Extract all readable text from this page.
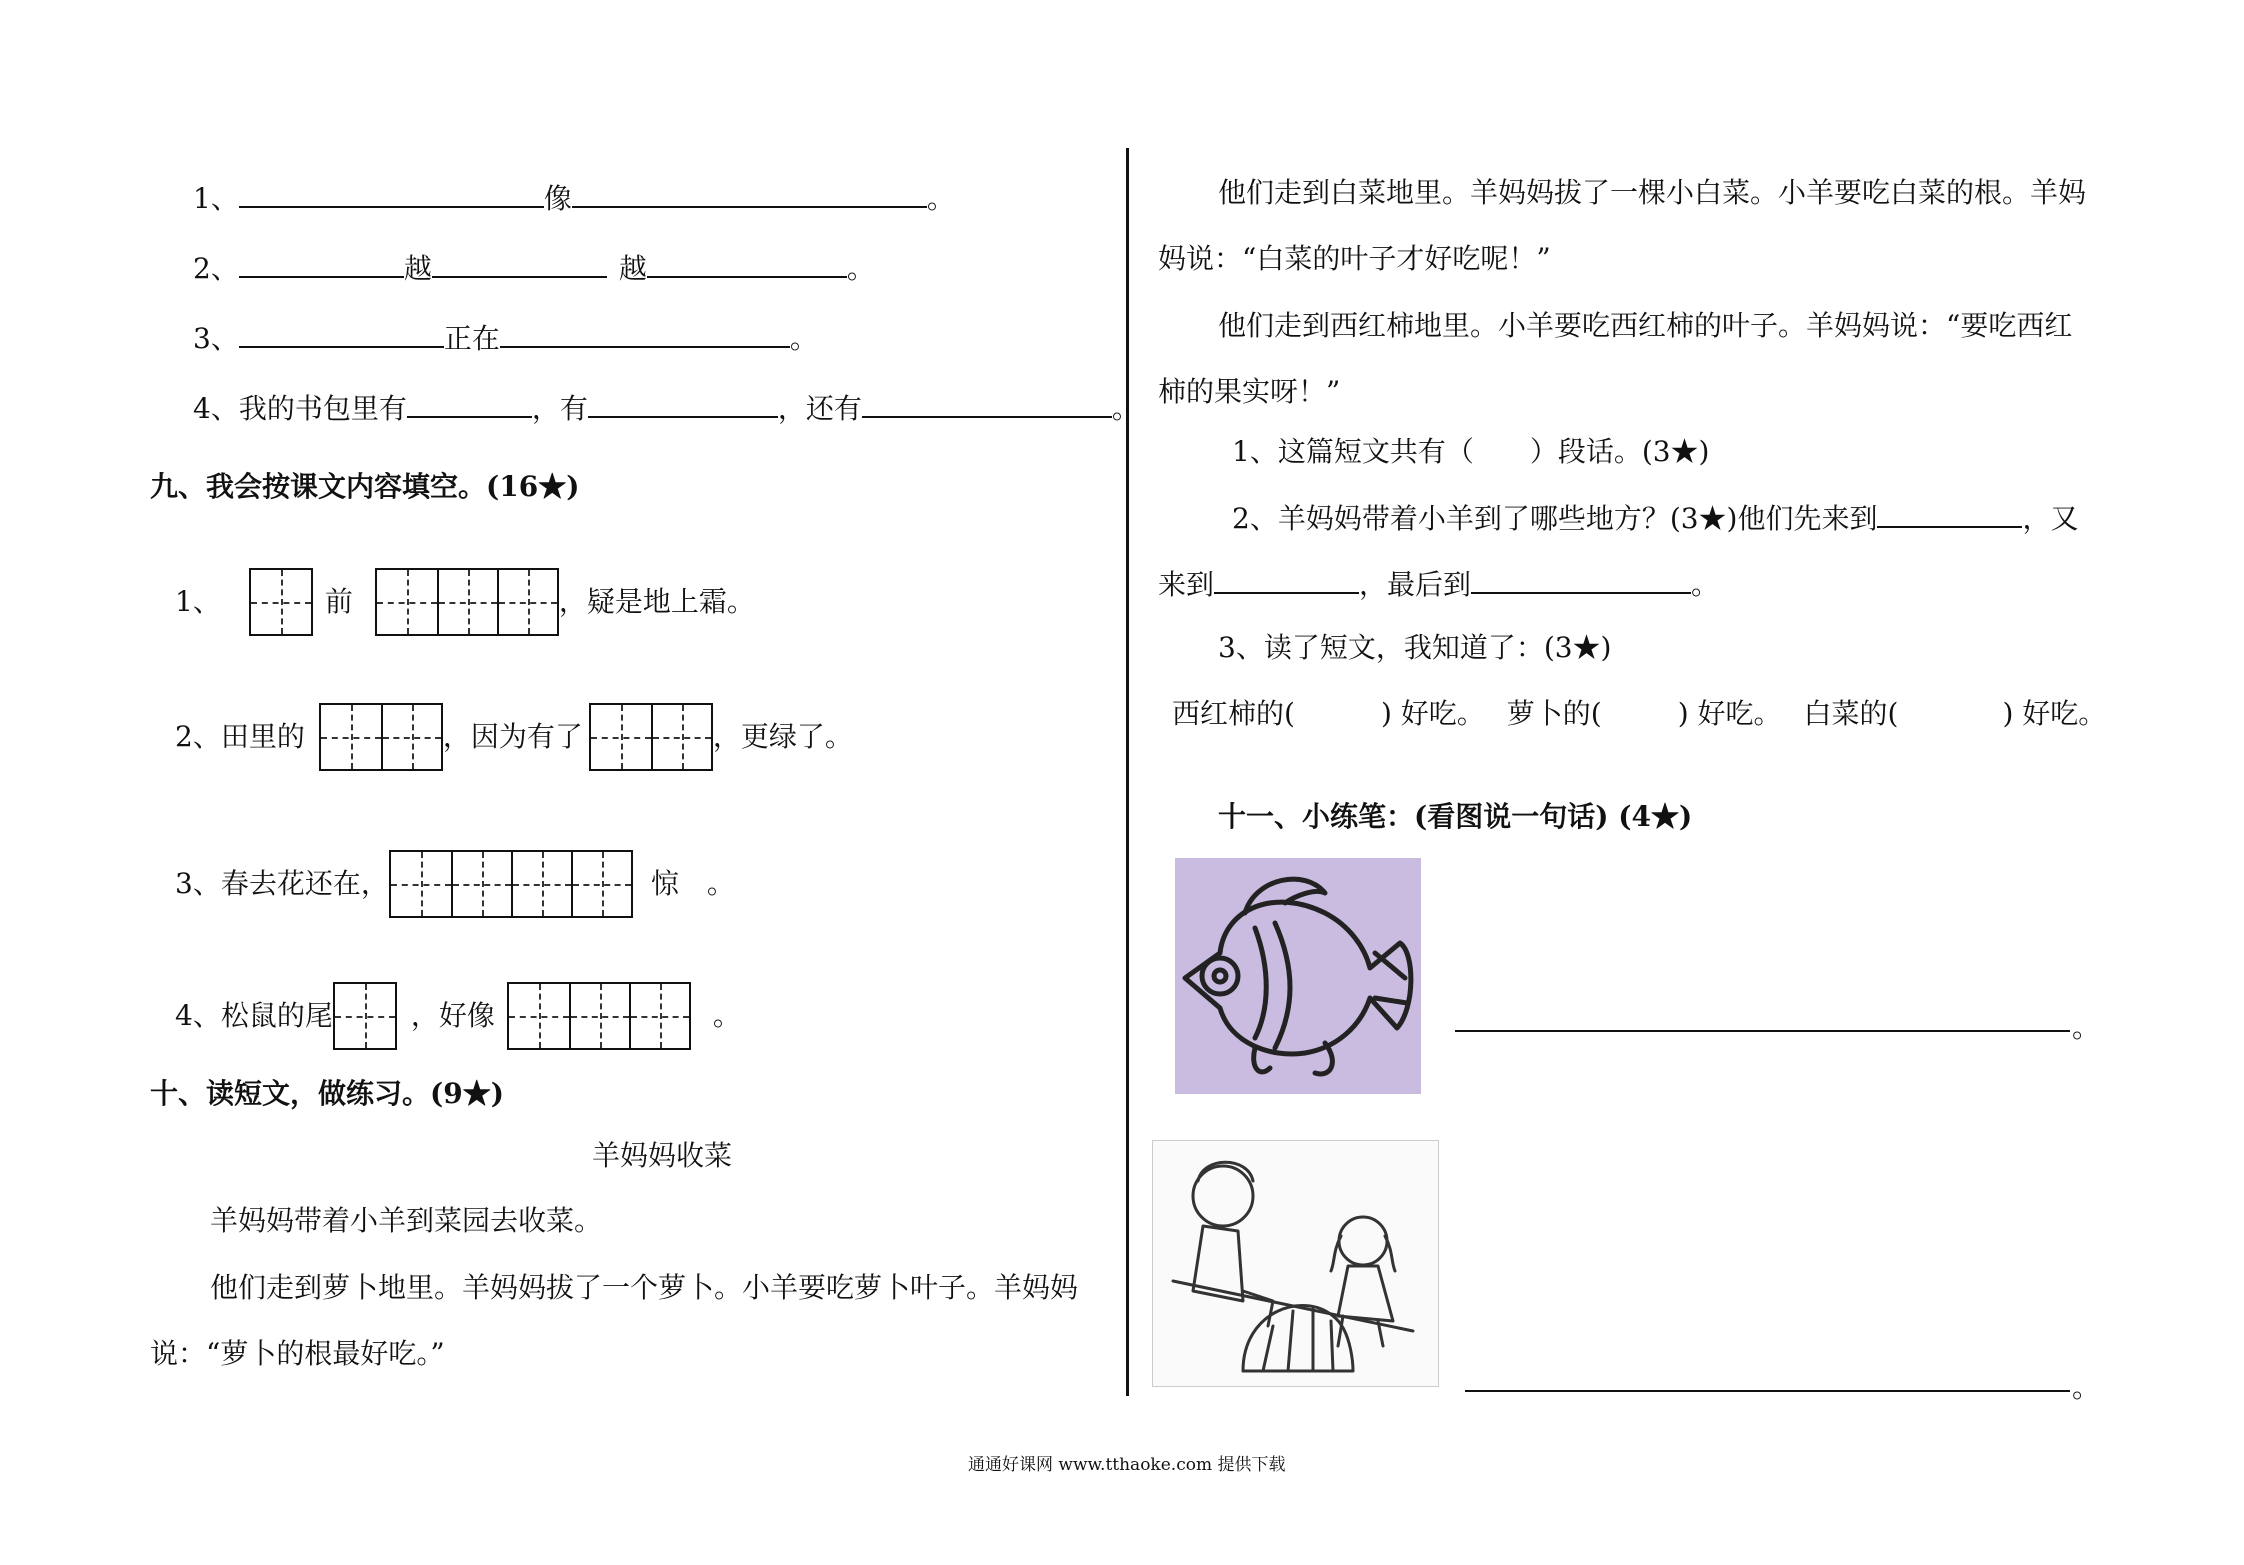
1、	像	。
2、	越	越	。
3、	正在	。
4、我的书包里有	，有	，还有	。
九、我会按课文内容填空。(16★)
1、	前	，疑是地上霜。
2、田里的	，因为有了	，更绿了。
3、春去花还在，	惊 。
4、松鼠的尾	，好像	。
十、读短文，做练习。(9★)
羊妈妈收菜
羊妈妈带着小羊到菜园去收菜。
他们走到萝卜地里。羊妈妈拔了一个萝卜。小羊要吃萝卜叶子。羊妈妈
说：“萝卜的根最好吃。”
他们走到白菜地里。羊妈妈拔了一棵小白菜。小羊要吃白菜的根。羊妈
妈说：“白菜的叶子才好吃呢！”
他们走到西红柿地里。小羊要吃西红柿的叶子。羊妈妈说：“要吃西红
柿的果实呀！”
1、这篇短文共有（　　）段话。(3★)
2、羊妈妈带着小羊到了哪些地方？(3★)他们先来到	，又
来到	，最后到	。
3、读了短文，我知道了：(3★)
西红柿的(	) 好吃。 萝卜的(	) 好吃。 白菜的(	) 好吃。
十一、小练笔：(看图说一句话) (4★)
。
。
通通好课网 www.tthaoke.com 提供下载
